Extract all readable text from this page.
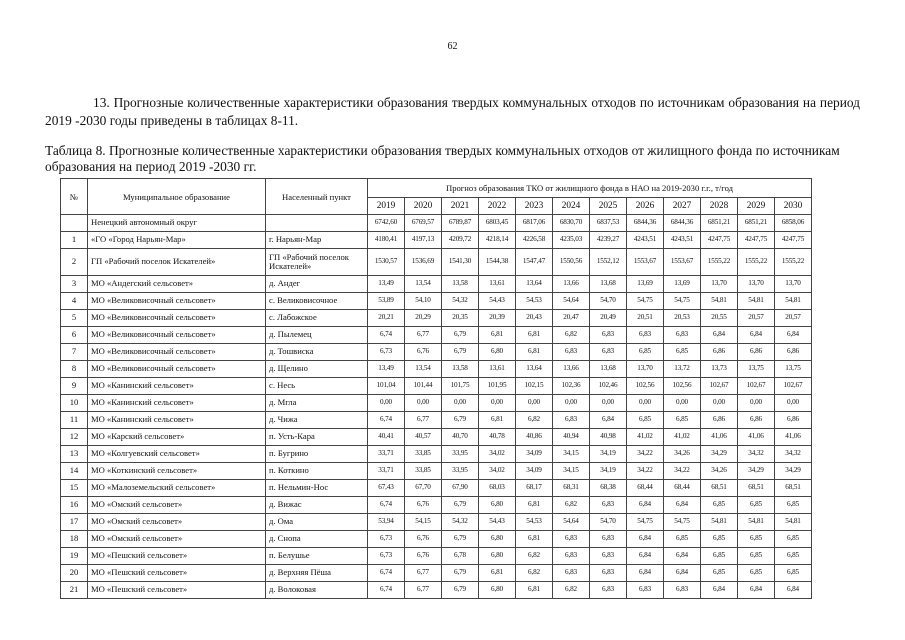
62
13. Прогнозные количественные характеристики образования твердых коммунальных отходов по источникам образования на период 2019 -2030 годы приведены в таблицах 8-11.
Таблица 8. Прогнозные количественные характеристики образования твердых коммунальных отходов от жилищного фонда по источникам образования на период 2019 -2030 гг.
№	Муниципальное образование	Населенный пункт	Прогноз образования ТКО от жилищного фонда в НАО на 2019-2030 г.г., т/год											
			2019	2020	2021	2022	2023	2024	2025	2026	2027	2028	2029	2030
	Ненецкий автономный округ		6742,60	6769,57	6789,87	6803,45	6817,06	6830,70	6837,53	6844,36	6844,36	6851,21	6851,21	6858,06
1	«ГО «Город Нарьян-Мар»	г. Нарьян-Мар	4180,41	4197,13	4209,72	4218,14	4226,58	4235,03	4239,27	4243,51	4243,51	4247,75	4247,75	4247,75
2	ГП «Рабочий поселок Искателей»	ГП «Рабочий поселок Искателей»	1530,57	1536,69	1541,30	1544,38	1547,47	1550,56	1552,12	1553,67	1553,67	1555,22	1555,22	1555,22
3	МО «Андегский сельсовет»	д. Андег	13,49	13,54	13,58	13,61	13,64	13,66	13,68	13,69	13,69	13,70	13,70	13,70
4	МО «Великовисочный сельсовет»	с. Великовисочное	53,89	54,10	54,32	54,43	54,53	54,64	54,70	54,75	54,75	54,81	54,81	54,81
5	МО «Великовисочный сельсовет»	с. Лабожское	20,21	20,29	20,35	20,39	20,43	20,47	20,49	20,51	20,53	20,55	20,57	20,57
6	МО «Великовисочный сельсовет»	д. Пылемец	6,74	6,77	6,79	6,81	6,81	6,82	6,83	6,83	6,83	6,84	6,84	6,84
7	МО «Великовисочный сельсовет»	д. Тошвиска	6,73	6,76	6,79	6,80	6,81	6,83	6,83	6,85	6,85	6,86	6,86	6,86
8	МО «Великовисочный сельсовет»	д. Щелино	13,49	13,54	13,58	13,61	13,64	13,66	13,68	13,70	13,72	13,73	13,75	13,75
9	МО «Канинский сельсовет»	с. Несь	101,04	101,44	101,75	101,95	102,15	102,36	102,46	102,56	102,56	102,67	102,67	102,67
10	МО «Канинский сельсовет»	д. Мгла	0,00	0,00	0,00	0,00	0,00	0,00	0,00	0,00	0,00	0,00	0,00	0,00
11	МО «Канинский сельсовет»	д. Чижа	6,74	6,77	6,79	6,81	6,82	6,83	6,84	6,85	6,85	6,86	6,86	6,86
12	МО «Карский сельсовет»	п. Усть-Кара	40,41	40,57	40,70	40,78	40,86	40,94	40,98	41,02	41,02	41,06	41,06	41,06
13	МО «Колгуевский сельсовет»	п. Бугрино	33,71	33,85	33,95	34,02	34,09	34,15	34,19	34,22	34,26	34,29	34,32	34,32
14	МО «Коткинский сельсовет»	п. Коткино	33,71	33,85	33,95	34,02	34,09	34,15	34,19	34,22	34,22	34,26	34,29	34,29
15	МО «Малоземельский сельсовет»	п. Нельмин-Нос	67,43	67,70	67,90	68,03	68,17	68,31	68,38	68,44	68,44	68,51	68,51	68,51
16	МО «Омский сельсовет»	д. Вижас	6,74	6,76	6,79	6,80	6,81	6,82	6,83	6,84	6,84	6,85	6,85	6,85
17	МО «Омский сельсовет»	д. Ома	53,94	54,15	54,32	54,43	54,53	54,64	54,70	54,75	54,75	54,81	54,81	54,81
18	МО «Омский сельсовет»	д. Снопа	6,73	6,76	6,79	6,80	6,81	6,83	6,83	6,84	6,85	6,85	6,85	6,85
19	МО «Пешский сельсовет»	п. Белушье	6,73	6,76	6,78	6,80	6,82	6,83	6,83	6,84	6,84	6,85	6,85	6,85
20	МО «Пешский сельсовет»	д. Верхняя Пёша	6,74	6,77	6,79	6,81	6,82	6,83	6,83	6,84	6,84	6,85	6,85	6,85
21	МО «Пешский сельсовет»	д. Волоковая	6,74	6,77	6,79	6,80	6,81	6,82	6,83	6,83	6,83	6,84	6,84	6,84
